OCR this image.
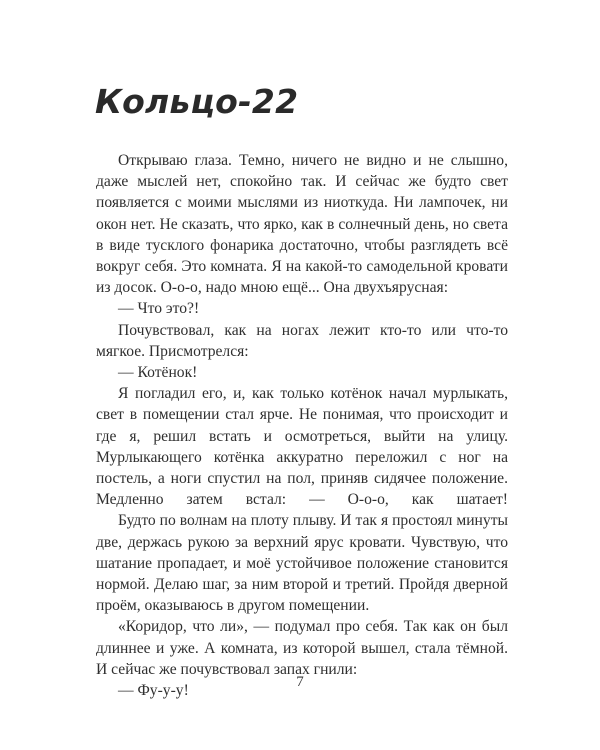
Кольцо-22

Открываю глаза. Темно, ничего не видно и не слышно, даже мыслей нет, спокойно так. И сейчас же будто свет появляется с моими мыслями из ниоткуда. Ни лампочек, ни окон нет. Не сказать, что ярко, как в солнечный день, но света в виде тусклого фонарика достаточно, чтобы разглядеть всё вокруг себя. Это комната. Я на какой-то самодельной кровати из досок. О-о-о, надо мною ещё... Она двухъярусная:

— Что это?!

Почувствовал, как на ногах лежит кто-то или что-то мягкое. Присмотрелся:

— Котёнок!

Я погладил его, и, как только котёнок начал мурлыкать, свет в помещении стал ярче. Не понимая, что происходит и где я, решил встать и осмотреться, выйти на улицу. Мурлыкающего котёнка аккуратно переложил с ног на постель, а ноги спустил на пол, приняв сидячее положение. Медленно затем встал: — О-о-о, как шатает!

Будто по волнам на плоту плыву. И так я простоял минуты две, держась рукою за верхний ярус кровати. Чувствую, что шатание пропадает, и моё устойчивое положение становится нормой. Делаю шаг, за ним второй и третий. Пройдя дверной проём, оказываюсь в другом помещении.

«Коридор, что ли», — подумал про себя. Так как он был длиннее и уже. А комната, из которой вышел, стала тёмной. И сейчас же почувствовал запах гнили:

— Фу-у-у!

7
